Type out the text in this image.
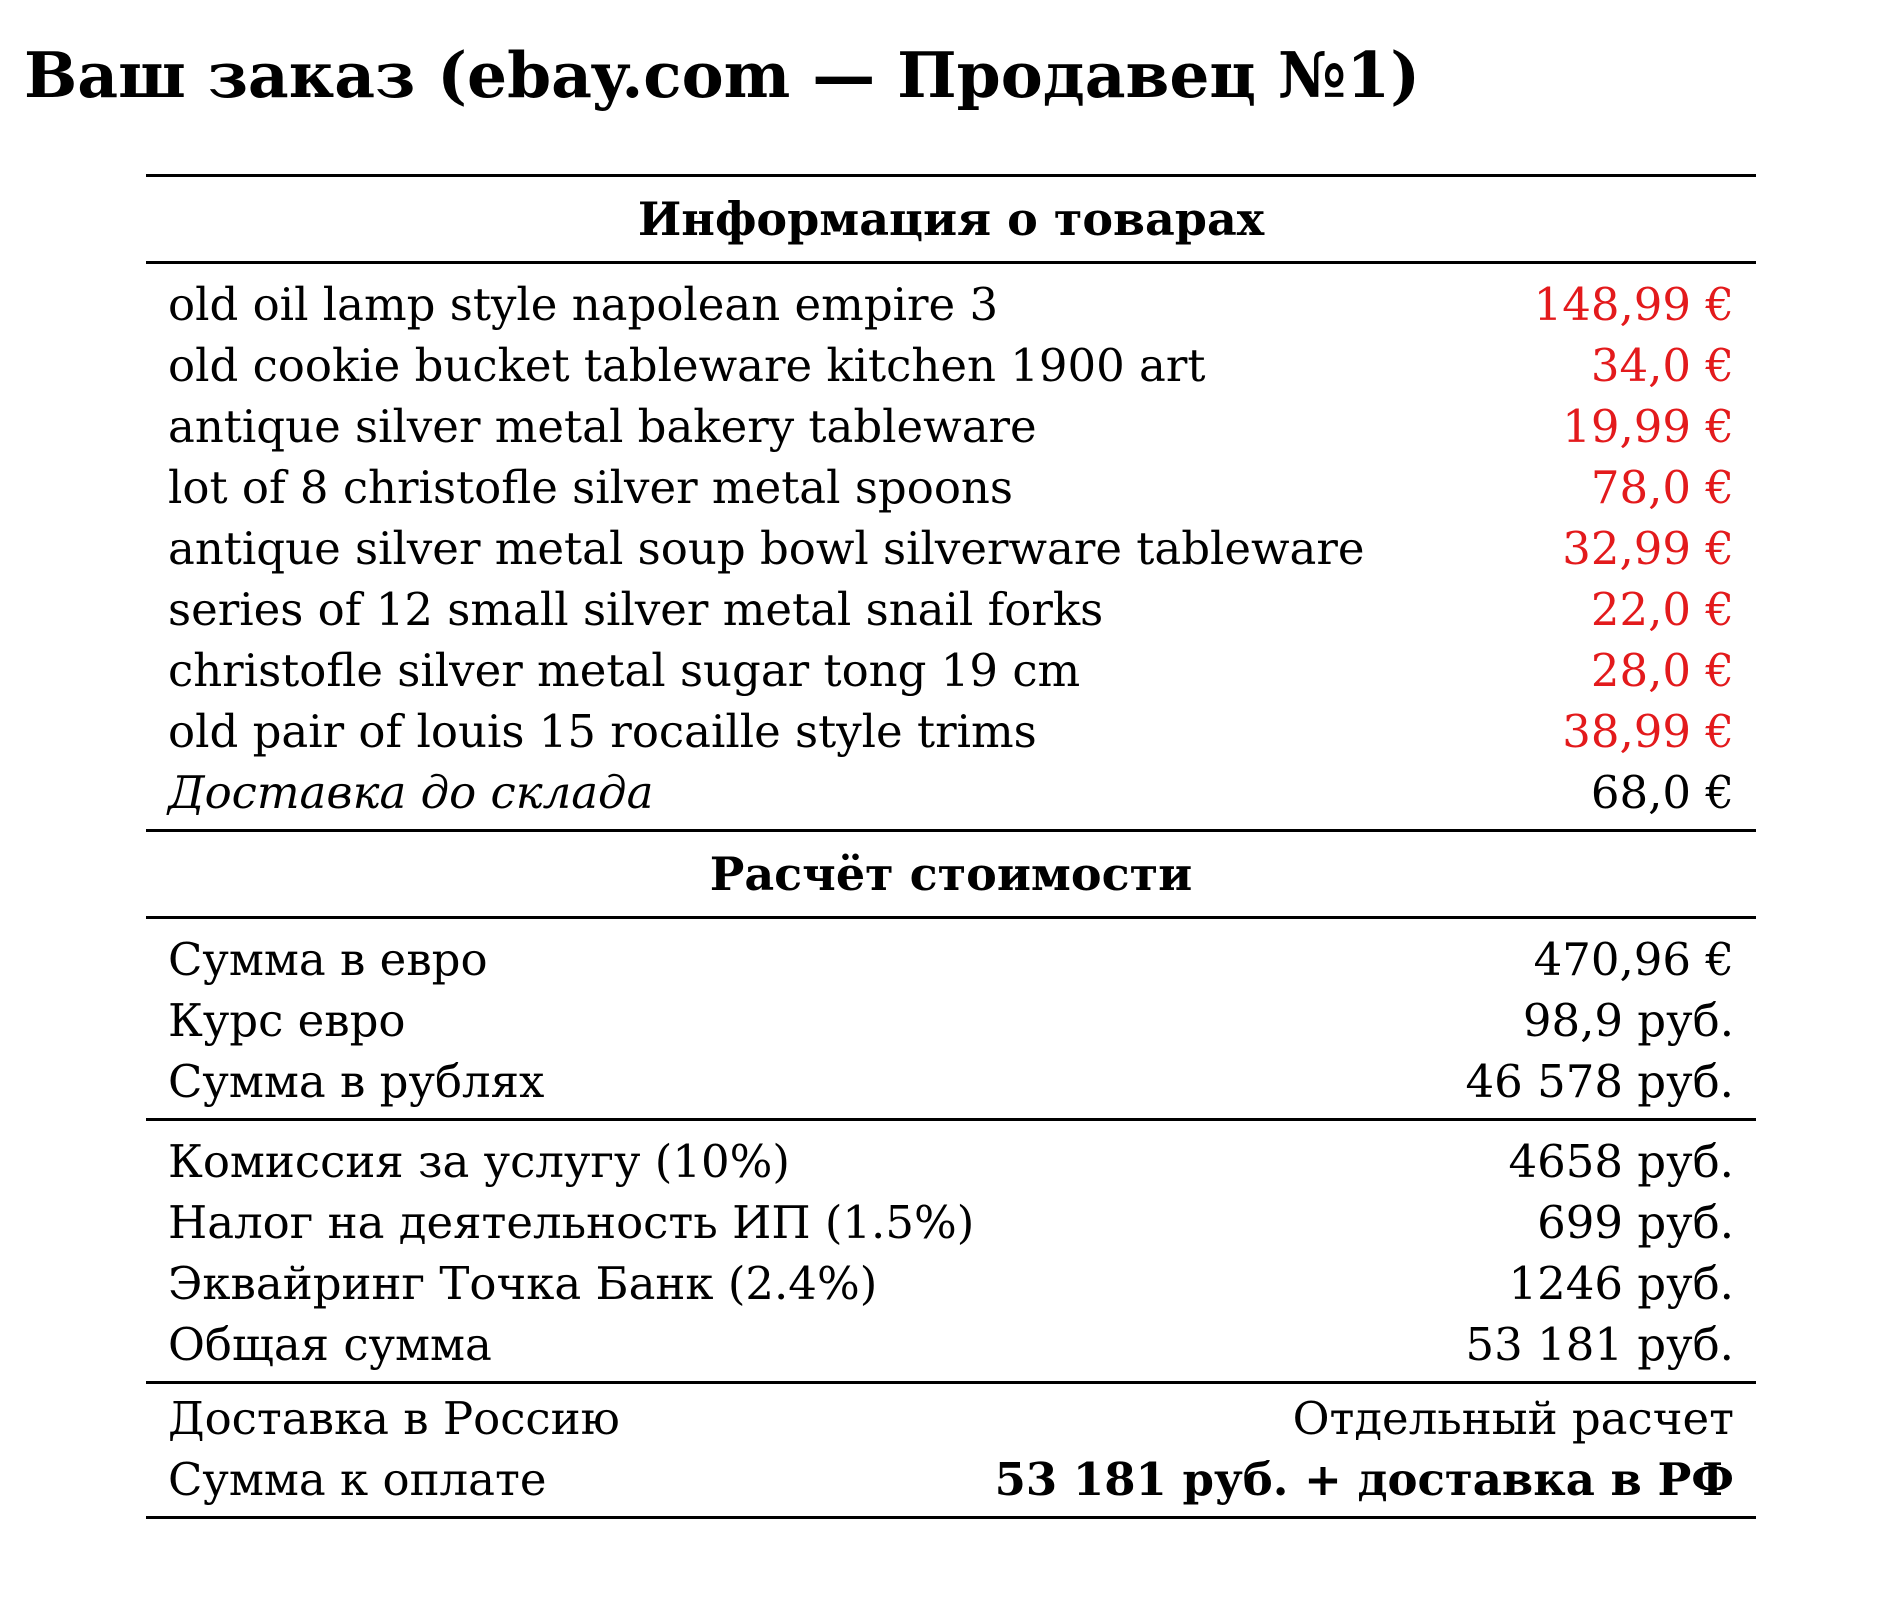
Ваш заказ (ebay.com — Продавец №1)
Информация о товарах
old oil lamp style napolean empire 3	148,99 €
old cookie bucket tableware kitchen 1900 art	34,0 €
antique silver metal bakery tableware	19,99 €
lot of 8 christofle silver metal spoons	78,0 €
antique silver metal soup bowl silverware tableware	32,99 €
series of 12 small silver metal snail forks	22,0 €
christofle silver metal sugar tong 19 cm	28,0 €
old pair of louis 15 rocaille style trims	38,99 €
Доставка до склада	68,0 €
Расчёт стоимости
Сумма в евро	470,96 €
Курс евро	98,9 руб.
Сумма в рублях	46 578 руб.
Комиссия за услугу (10%)	4658 руб.
Налог на деятельность ИП (1.5%)	699 руб.
Эквайринг Точка Банк (2.4%)	1246 руб.
Общая сумма	53 181 руб.
Доставка в Россию	Отдельный расчет
Сумма к оплате	53 181 руб. + доставка в РФ
